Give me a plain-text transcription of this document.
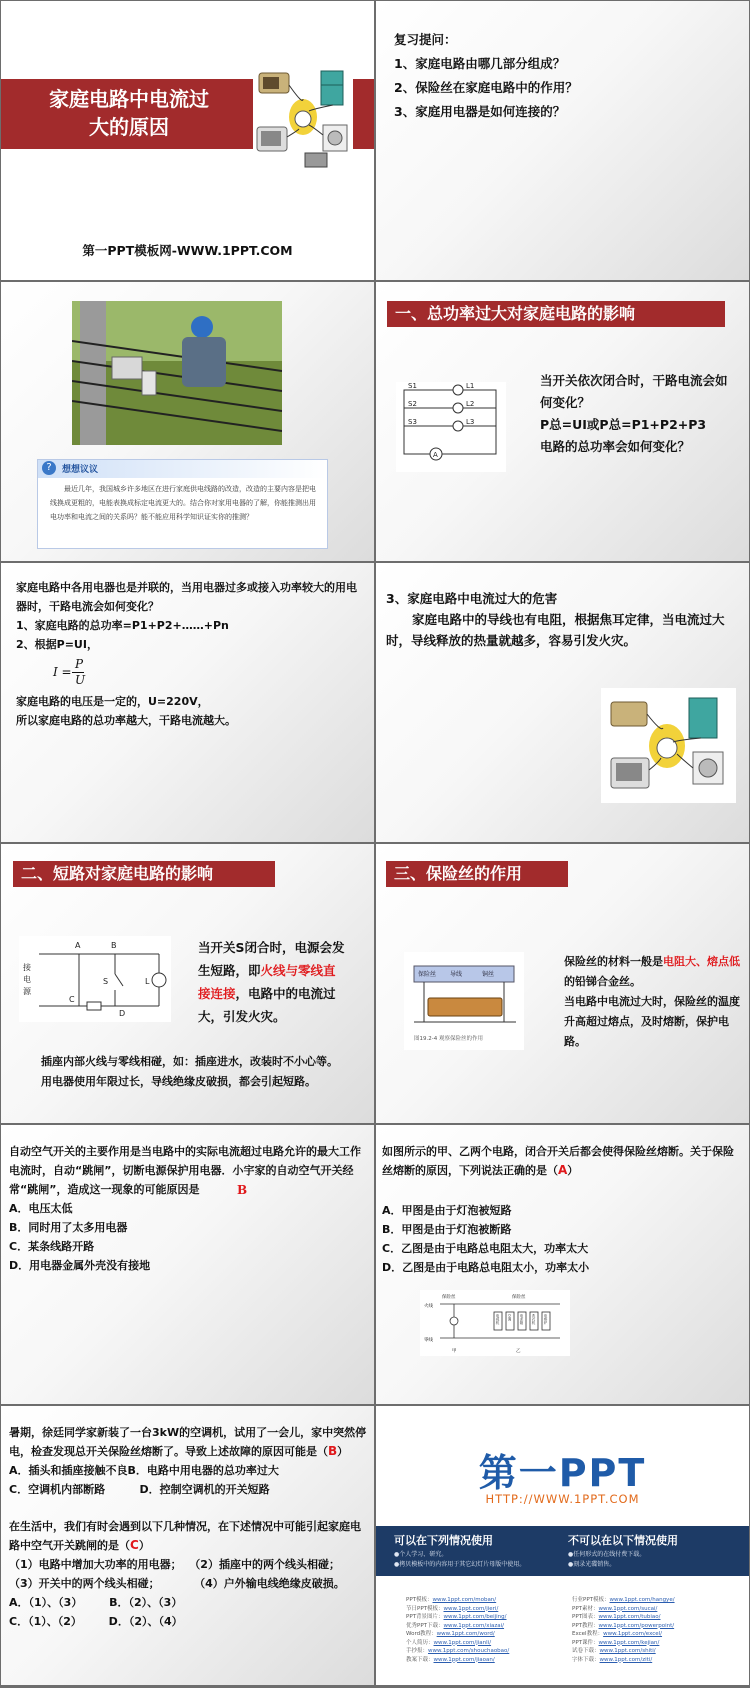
家庭电路中电流过
大的原因
第一PPT模板网-WWW.1PPT.COM
复习提问：
1、家庭电路由哪几部分组成？
2、保险丝在家庭电路中的作用？
3、家庭用电器是如何连接的？
?	想想议议
最近几年，我国城乡许多地区在进行家庭供电线路的改造，改造的主要内容是把电线换成更粗的，电能表换成标定电流更大的。结合你对家用电器的了解，你能推测出用电功率和电流之间的关系吗？能不能应用科学知识证实你的推测？
一、总功率过大对家庭电路的影响
S1
S2
S3
L1
L2
L3
A
当开关依次闭合时，干路电流会如
何变化？
P总=UI或P总=P1+P2+P3
电路的总功率会如何变化？
家庭电路中各用电器也是并联的，当用电器过多或接入功率较大的用电器时，干路电流会如何变化？
1、家庭电路的总功率=P1+P2+……+Pn
2、根据P=UI，
I =
P
U
家庭电路的电压是一定的，U=220V，
所以家庭电路的总功率越大，干路电流越大。
3、家庭电路中电流过大的危害
家庭电路中的导线也有电阻，根据焦耳定律，当电流过大时，导线释放的热量就越多，容易引发火灾。
二、短路对家庭电路的影响
A	B
接
电
源
S
C
D
L
当开关S闭合时，电源会发生短路，即火线与零线直接连接，电路中的电流过大，引发火灾。
插座内部火线与零线相碰，如：插座进水，改装时不小心等。
用电器使用年限过长，导线绝缘皮破损，都会引起短路。
三、保险丝的作用
保险丝 导线	铜丝
图19.2-4 观察保险丝的作用
保险丝的材料一般是电阻大、熔点低的铅锑合金丝。
当电路中电流过大时，保险丝的温度升高超过熔点，及时熔断，保护电路。
自动空气开关的主要作用是当电路中的实际电流超过电路允许的最大工作电流时，自动“跳闸”，切断电源保护用电器．小宇家的自动空气开关经常“跳闸”，造成这一现象的可能原因是	B
A．电压太低
B．同时用了太多用电器
C．某条线路开路
D．用电器金属外壳没有接地
如图所示的甲、乙两个电路，闭合开关后都会使得保险丝熔断。关于保险丝熔断的原因，下列说法正确的是（A）
A．甲图是由于灯泡被短路
B．甲图是由于灯泡被断路
C．乙图是由于电路总电阻太大，功率太大
D．乙图是由于电路总电阻太小，功率太小
保险丝
火线
零线
甲	乙
保险丝
电视机	空调	电冰箱	洗衣机	电热炉
暑期，徐廷同学家新装了一台3kW的空调机，试用了一会儿，家中突然停电，检查发现总开关保险丝熔断了。导致上述故障的原因可能是（B）
A．插头和插座接触不良B．电路中用电器的总功率过大
C．空调机内部断路         D．控制空调机的开关短路
在生活中，我们有时会遇到以下几种情况，在下述情况中可能引起家庭电路中空气开关跳闸的是（C）
（1）电路中增加大功率的用电器；  （2）插座中的两个线头相碰；
（3）开关中的两个线头相碰；         （4）户外输电线绝缘皮破损。
A．（1）、（3）       B．（2）、（3）
C．（1）、（2）       D．（2）、（4）
第一PPT
HTTP://WWW.1PPT.COM
可以在下列情况使用
●个人学习、研究。
●拷贝模板中的内容用于其它幻灯片母版中使用。
不可以在以下情况使用
●任何形式的在线付费下载。
●刻录光碟销售。
PPT模板：www.1ppt.com/moban/
节日PPT模板：www.1ppt.com/jieri/
PPT背景图片：www.1ppt.com/beijing/
优秀PPT下载：www.1ppt.com/xiazai/
Word教程：www.1ppt.com/word/
个人简历：www.1ppt.com/jianli/
手抄报：www.1ppt.com/shouchaobao/
教案下载：www.1ppt.com/jiaoan/
行业PPT模板：www.1ppt.com/hangye/
PPT素材：www.1ppt.com/sucai/
PPT图表：www.1ppt.com/tubiao/
PPT教程：www.1ppt.com/powerpoint/
Excel教程：www.1ppt.com/excel/
PPT课件：www.1ppt.com/kejian/
试卷下载：www.1ppt.com/shiti/
字体下载：www.1ppt.com/ziti/
